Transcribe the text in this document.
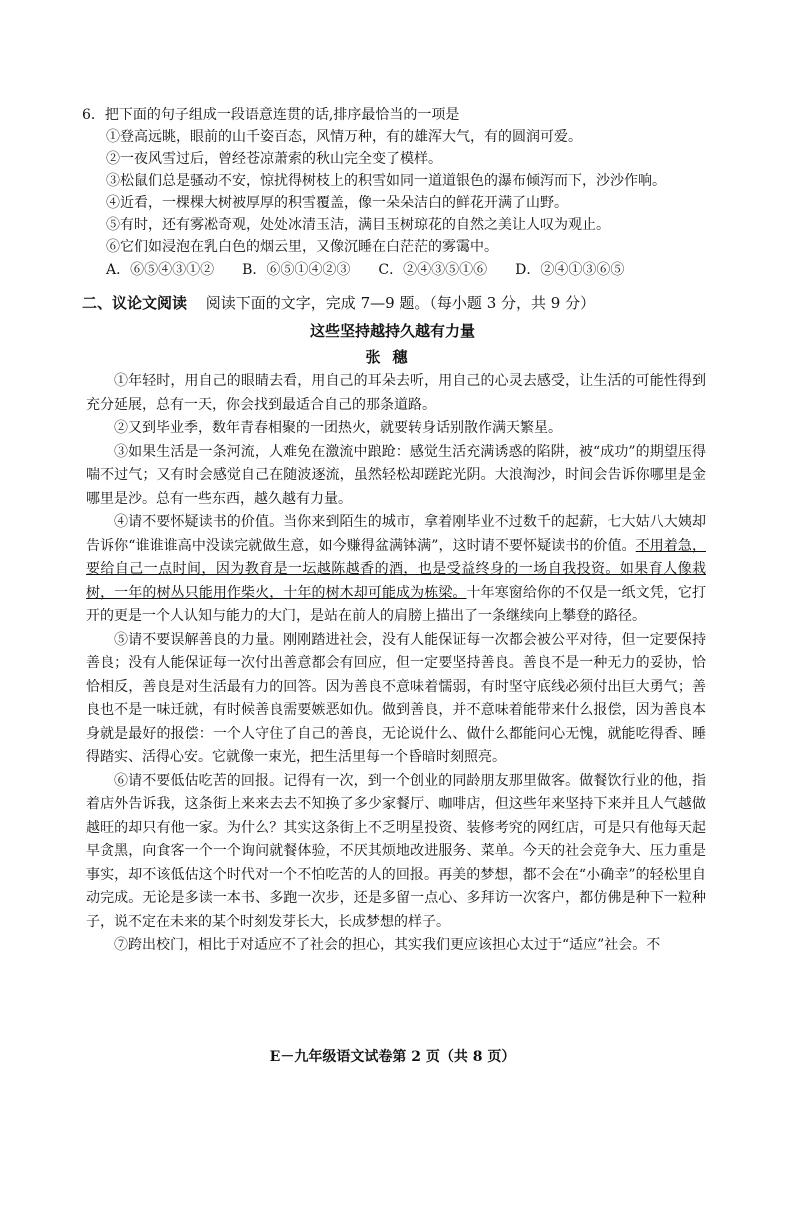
6．把下面的句子组成一段语意连贯的话,排序最恰当的一项是
①登高远眺，眼前的山千姿百态，风情万种，有的雄浑大气，有的圆润可爱。
②一夜风雪过后，曾经苍凉萧索的秋山完全变了模样。
③松鼠们总是骚动不安，惊扰得树枝上的积雪如同一道道银色的瀑布倾泻而下，沙沙作响。
④近看，一棵棵大树被厚厚的积雪覆盖，像一朵朵洁白的鲜花开满了山野。
⑤有时，还有雾凇奇观，处处冰清玉洁，满目玉树琼花的自然之美让人叹为观止。
⑥它们如浸泡在乳白色的烟云里，又像沉睡在白茫茫的雾霭中。
A．⑥⑤④③①② B．⑥⑤①④②③ C．②④③⑤①⑥ D．②④①③⑥⑤
二、议论文阅读 阅读下面的文字，完成 7—9 题。（每小题 3 分，共 9 分）
这些坚持越持久越有力量
张穗

①年轻时，用自己的眼睛去看，用自己的耳朵去听，用自己的心灵去感受，让生活的可能性得到充分延展，总有一天，你会找到最适合自己的那条道路。

②又到毕业季，数年青春相聚的一团热火，就要转身话别散作满天繁星。

③如果生活是一条河流，人难免在激流中踉跄：感觉生活充满诱惑的陷阱，被“成功”的期望压得喘不过气；又有时会感觉自己在随波逐流，虽然轻松却蹉跎光阴。大浪淘沙，时间会告诉你哪里是金哪里是沙。总有一些东西，越久越有力量。

④请不要怀疑读书的价值。当你来到陌生的城市，拿着刚毕业不过数千的起薪，七大姑八大姨却告诉你“谁谁谁高中没读完就做生意，如今赚得盆满钵满”，这时请不要怀疑读书的价值。不用着急，要给自己一点时间，因为教育是一坛越陈越香的酒，也是受益终身的一场自我投资。如果育人像栽树，一年的树丛只能用作柴火，十年的树木却可能成为栋梁。十年寒窗给你的不仅是一纸文凭，它打开的更是一个人认知与能力的大门，是站在前人的肩膀上描出了一条继续向上攀登的路径。

⑤请不要误解善良的力量。刚刚踏进社会，没有人能保证每一次都会被公平对待，但一定要保持善良；没有人能保证每一次付出善意都会有回应，但一定要坚持善良。善良不是一种无力的妥协，恰恰相反，善良是对生活最有力的回答。因为善良不意味着懦弱，有时坚守底线必须付出巨大勇气；善良也不是一味迁就，有时候善良需要嫉恶如仇。做到善良，并不意味着能带来什么报偿，因为善良本身就是最好的报偿：一个人守住了自己的善良，无论说什么、做什么都能问心无愧，就能吃得香、睡得踏实、活得心安。它就像一束光，把生活里每一个昏暗时刻照亮。

⑥请不要低估吃苦的回报。记得有一次，到一个创业的同龄朋友那里做客。做餐饮行业的他，指着店外告诉我，这条街上来来去去不知换了多少家餐厅、咖啡店，但这些年来坚持下来并且人气越做越旺的却只有他一家。为什么？其实这条街上不乏明星投资、装修考究的网红店，可是只有他每天起早贪黑，向食客一个一个询问就餐体验，不厌其烦地改进服务、菜单。今天的社会竞争大、压力重是事实，却不该低估这个时代对一个不怕吃苦的人的回报。再美的梦想，都不会在“小确幸”的轻松里自动完成。无论是多读一本书、多跑一次步，还是多留一点心、多拜访一次客户，都仿佛是种下一粒种子，说不定在未来的某个时刻发芽长大，长成梦想的样子。

⑦跨出校门，相比于对适应不了社会的担心，其实我们更应该担心太过于“适应”社会。不

E－九年级语文试卷第 2 页（共 8 页）
